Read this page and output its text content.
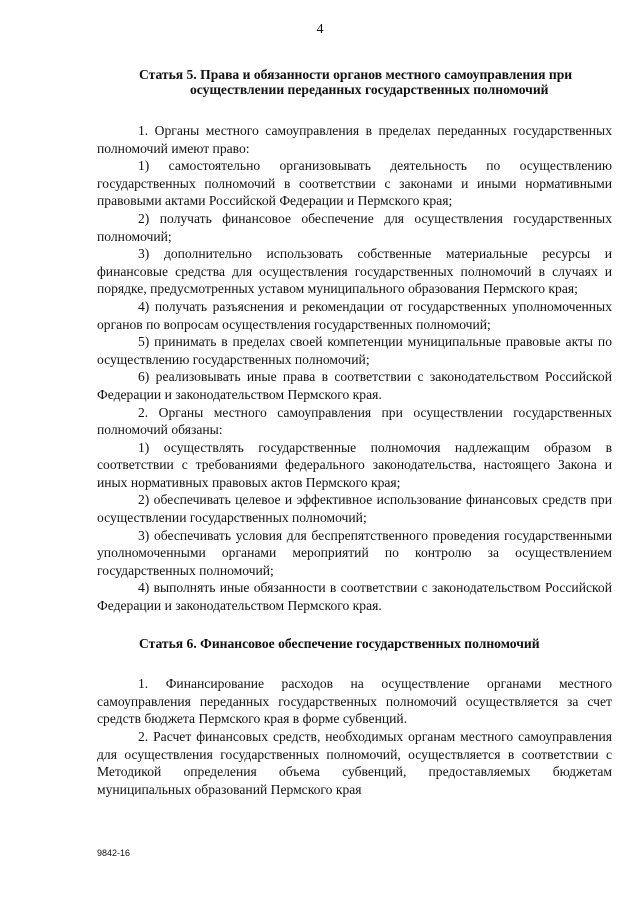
4
Статья 5. Права и обязанности органов местного самоуправления при осуществлении переданных государственных полномочий

1. Органы местного самоуправления в пределах переданных государственных полномочий имеют право:

1) самостоятельно организовывать деятельность по осуществлению государственных полномочий в соответствии с законами и иными нормативными правовыми актами Российской Федерации и Пермского края;

2) получать финансовое обеспечение для осуществления государственных полномочий;

3) дополнительно использовать собственные материальные ресурсы и финансовые средства для осуществления государственных полномочий в случаях и порядке, предусмотренных уставом муниципального образования Пермского края;

4) получать разъяснения и рекомендации от государственных уполномоченных органов по вопросам осуществления государственных полномочий;

5) принимать в пределах своей компетенции муниципальные правовые акты по осуществлению государственных полномочий;

6) реализовывать иные права в соответствии с законодательством Российской Федерации и законодательством Пермского края.

2. Органы местного самоуправления при осуществлении государственных полномочий обязаны:

1) осуществлять государственные полномочия надлежащим образом в соответствии с требованиями федерального законодательства, настоящего Закона и иных нормативных правовых актов Пермского края;

2) обеспечивать целевое и эффективное использование финансовых средств при осуществлении государственных полномочий;

3) обеспечивать условия для беспрепятственного проведения государственными уполномоченными органами мероприятий по контролю за осуществлением государственных полномочий;

4) выполнять иные обязанности в соответствии с законодательством Российской Федерации и законодательством Пермского края.

Статья 6. Финансовое обеспечение государственных полномочий

1. Финансирование расходов на осуществление органами местного самоуправления переданных государственных полномочий осуществляется за счет средств бюджета Пермского края в форме субвенций.

2. Расчет финансовых средств, необходимых органам местного самоуправления для осуществления государственных полномочий, осуществляется в соответствии с Методикой определения объема субвенций, предоставляемых бюджетам муниципальных образований Пермского края

9842-16
